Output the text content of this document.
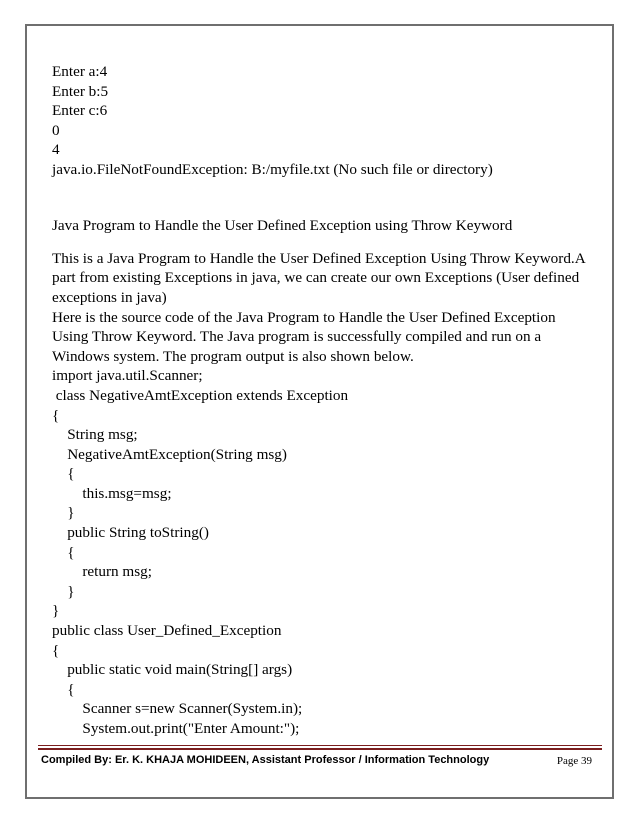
Enter a:4
Enter b:5
Enter c:6
0
4
java.io.FileNotFoundException: B:/myfile.txt (No such file or directory)
Java Program to Handle the User Defined Exception using Throw Keyword
This is a Java Program to Handle the User Defined Exception Using Throw Keyword.A part from existing Exceptions in java, we can create our own Exceptions (User defined exceptions in java)
Here is the source code of the Java Program to Handle the User Defined Exception Using Throw Keyword. The Java program is successfully compiled and run on a Windows system. The program output is also shown below.
import java.util.Scanner;
class NegativeAmtException extends Exception
{
String msg;
NegativeAmtException(String msg)
{
this.msg=msg;
}
public String toString()
{
return msg;
}
}
public class User_Defined_Exception
{
public static void main(String[] args)
{
Scanner s=new Scanner(System.in);
System.out.print("Enter Amount:");
Compiled By: Er. K. KHAJA MOHIDEEN, Assistant Professor / Information Technology	Page 39
